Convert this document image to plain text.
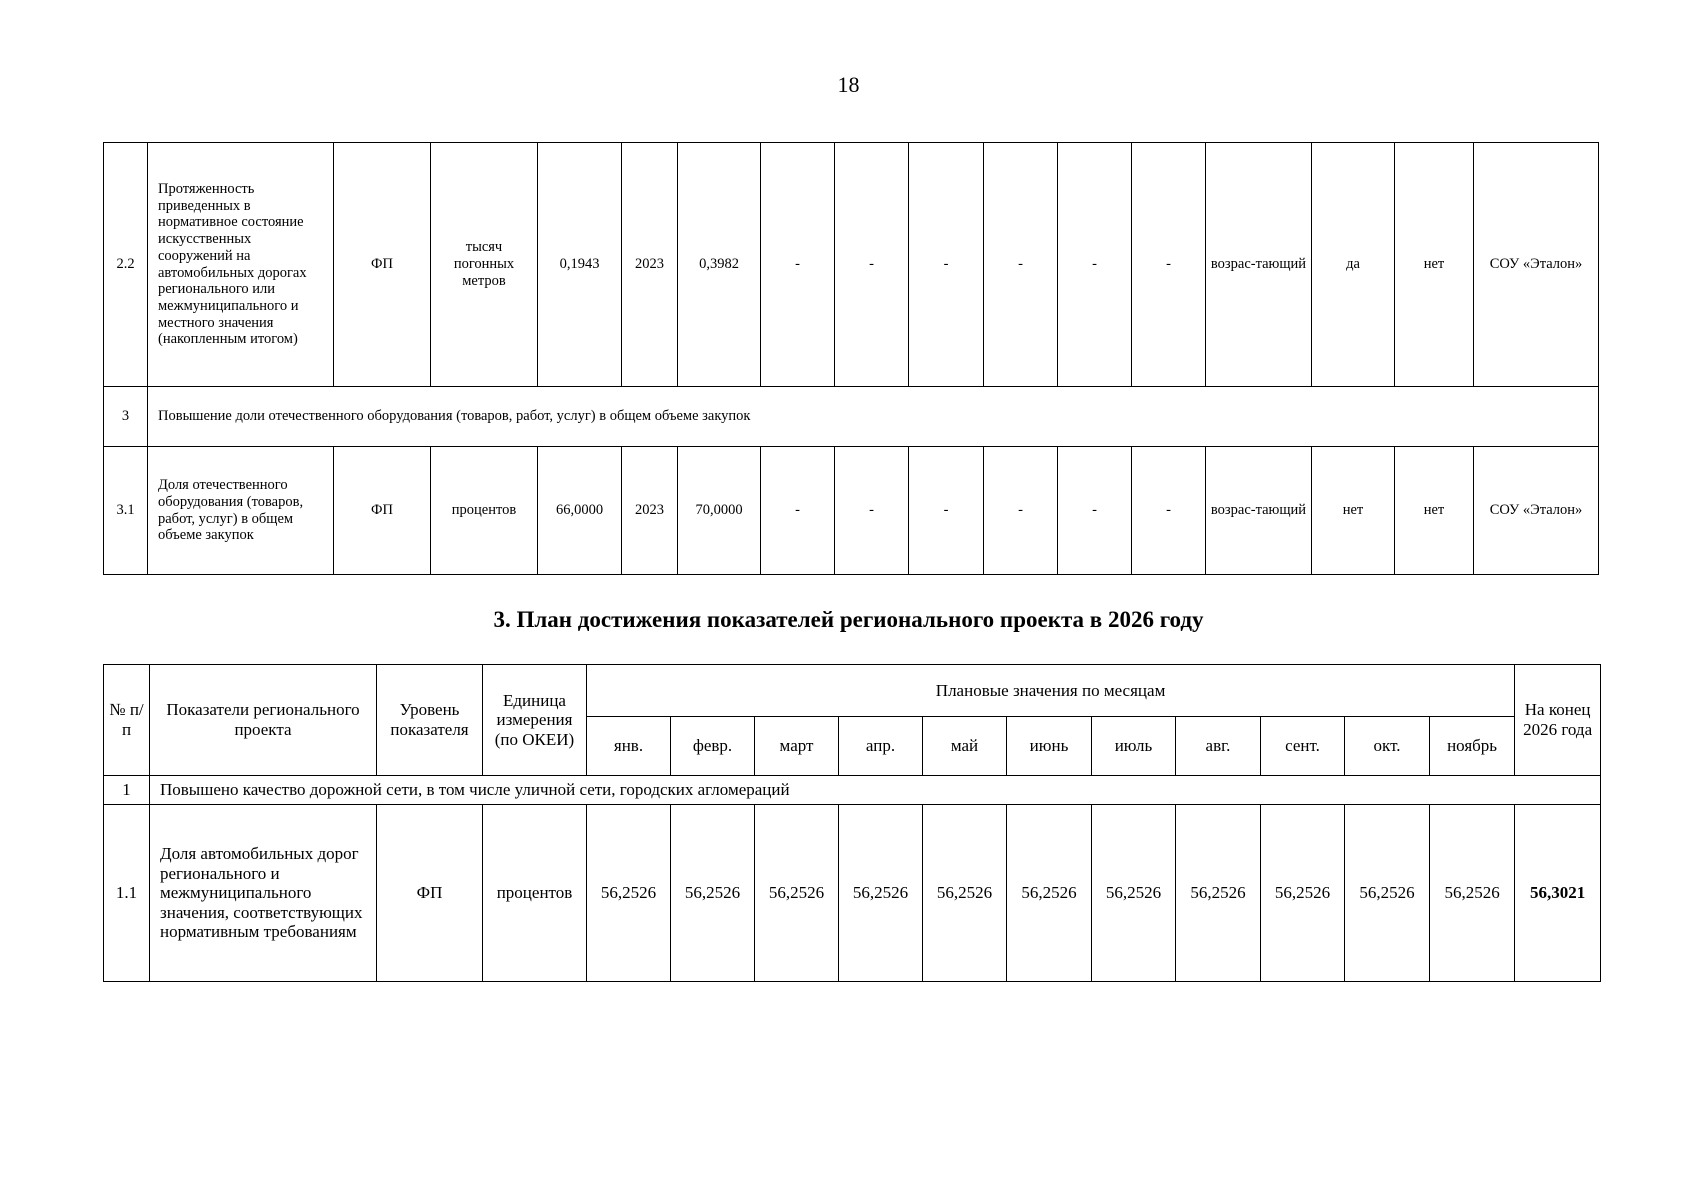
18
2.2	Протяженность приведенных в нормативное состояние искусственных сооружений на автомобильных дорогах регионального или межмуниципального и местного значения (накопленным итогом)	ФП	тысяч погонных метров	0,1943	2023	0,3982	-	-	-	-	-	-	возрас-тающий	да	нет	СОУ «Эталон»
3	Повышение доли отечественного оборудования (товаров, работ, услуг) в общем объеме закупок															
3.1	Доля отечественного оборудования (товаров, работ, услуг) в общем объеме закупок	ФП	процентов	66,0000	2023	70,0000	-	-	-	-	-	-	возрас-тающий	нет	нет	СОУ «Эталон»
3. План достижения показателей регионального проекта в 2026 году
№ п/п	Показатели регионального проекта	Уровень показателя	Единица измерения (по ОКЕИ)	Плановые значения по месяцам											На конец 2026 года
				янв.	февр.	март	апр.	май	июнь	июль	авг.	сент.	окт.	ноябрь	
1	Повышено качество дорожной сети, в том числе уличной сети, городских агломераций														
1.1	Доля автомобильных дорог регионального и межмуниципального значения, соответствующих нормативным требованиям	ФП	процентов	56,2526	56,2526	56,2526	56,2526	56,2526	56,2526	56,2526	56,2526	56,2526	56,2526	56,2526	56,3021
